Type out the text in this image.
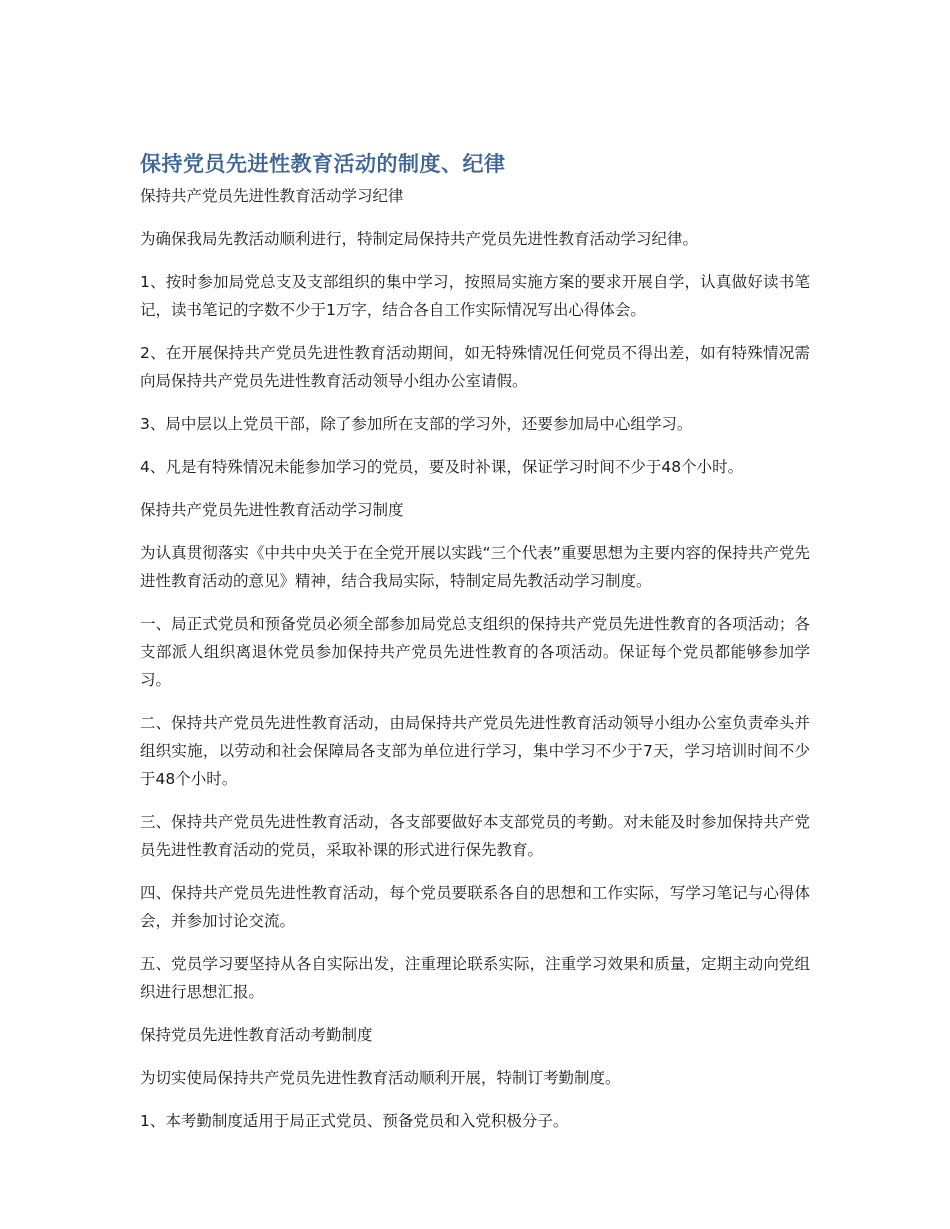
保持党员先进性教育活动的制度、纪律

保持共产党员先进性教育活动学习纪律

为确保我局先教活动顺利进行，特制定局保持共产党员先进性教育活动学习纪律。

1、按时参加局党总支及支部组织的集中学习，按照局实施方案的要求开展自学，认真做好读书笔记，读书笔记的字数不少于1万字，结合各自工作实际情况写出心得体会。

2、在开展保持共产党员先进性教育活动期间，如无特殊情况任何党员不得出差，如有特殊情况需向局保持共产党员先进性教育活动领导小组办公室请假。

3、局中层以上党员干部，除了参加所在支部的学习外，还要参加局中心组学习。

4、凡是有特殊情况未能参加学习的党员，要及时补课，保证学习时间不少于48个小时。

保持共产党员先进性教育活动学习制度

为认真贯彻落实《中共中央关于在全党开展以实践“三个代表”重要思想为主要内容的保持共产党先进性教育活动的意见》精神，结合我局实际，特制定局先教活动学习制度。

一、局正式党员和预备党员必须全部参加局党总支组织的保持共产党员先进性教育的各项活动；各支部派人组织离退休党员参加保持共产党员先进性教育的各项活动。保证每个党员都能够参加学习。

二、保持共产党员先进性教育活动，由局保持共产党员先进性教育活动领导小组办公室负责牵头并组织实施，以劳动和社会保障局各支部为单位进行学习，集中学习不少于7天，学习培训时间不少于48个小时。

三、保持共产党员先进性教育活动，各支部要做好本支部党员的考勤。对未能及时参加保持共产党员先进性教育活动的党员，采取补课的形式进行保先教育。

四、保持共产党员先进性教育活动，每个党员要联系各自的思想和工作实际，写学习笔记与心得体会，并参加讨论交流。

五、党员学习要坚持从各自实际出发，注重理论联系实际，注重学习效果和质量，定期主动向党组织进行思想汇报。

保持党员先进性教育活动考勤制度

为切实使局保持共产党员先进性教育活动顺利开展，特制订考勤制度。

1、本考勤制度适用于局正式党员、预备党员和入党积极分子。
